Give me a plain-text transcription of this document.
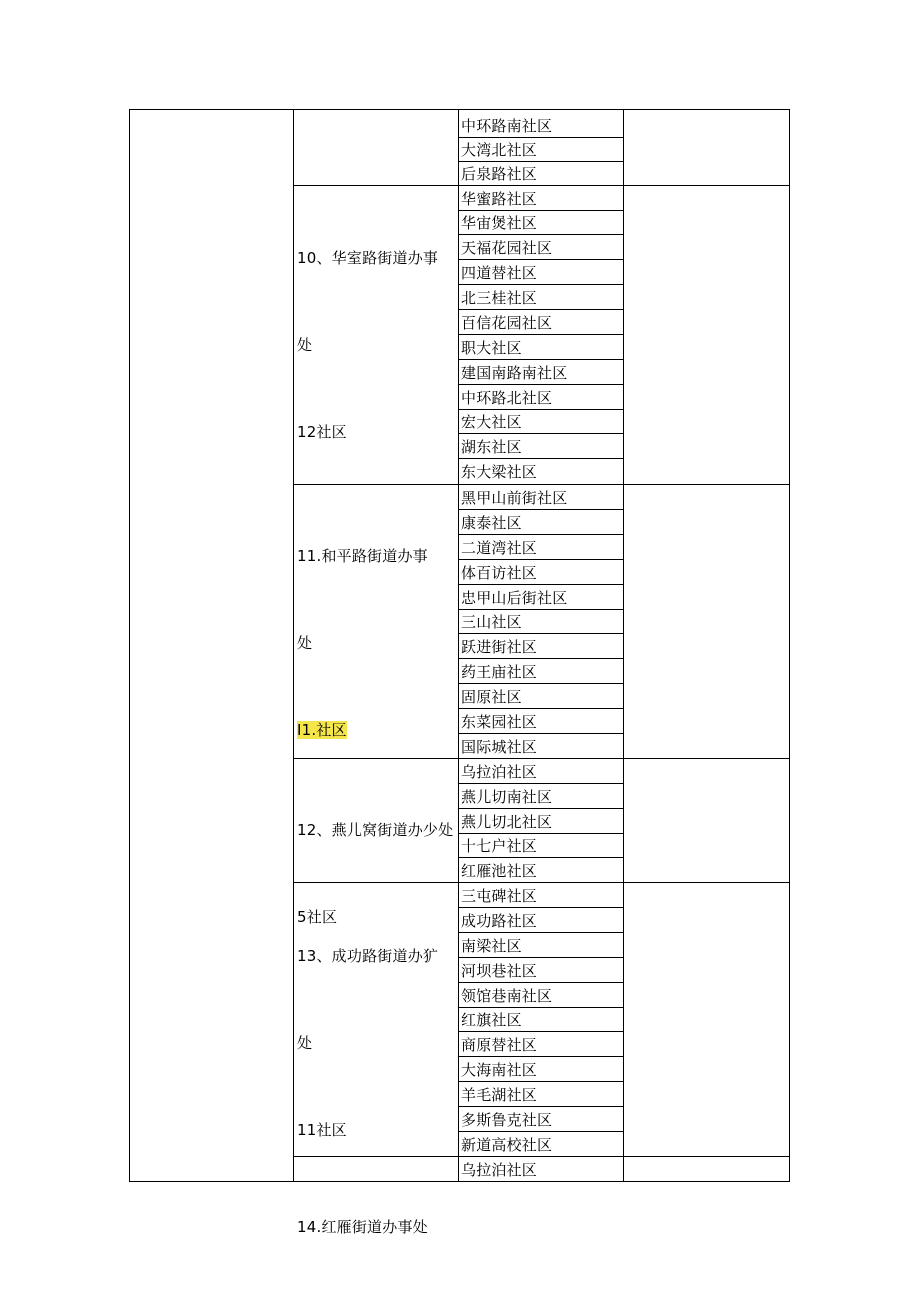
中环路南社区
大湾北社区
后泉路社区

10、华室路街道办事

处

12社区

华蜜路社区
华宙煲社区
天福花园社区
四道替社区
北三桂社区
百信花园社区
职大社区
建国南路南社区
中环路北社区
宏大社区
湖东社区
东大梁社区

11.和平路街道办事

处

I1.社区

黑甲山前街社区
康泰社区
二道湾社区
体百访社区
忠甲山后街社区
三山社区
跃进街社区
药王庙社区
固原社区
东菜园社区
国际城社区

12、燕儿窝街道办少处

5社区

乌拉泊社区
燕儿切南社区
燕儿切北社区
十七户社区
红雁池社区

13、成功路街道办犷

处

11社区

三屯碑社区
成功路社区
南梁社区
河坝巷社区
领馆巷南社区
红旗社区
商原替社区
大海南社区
羊毛湖社区
多斯鲁克社区
新道高校社区

14.红雁街道办事处

乌拉泊社区
